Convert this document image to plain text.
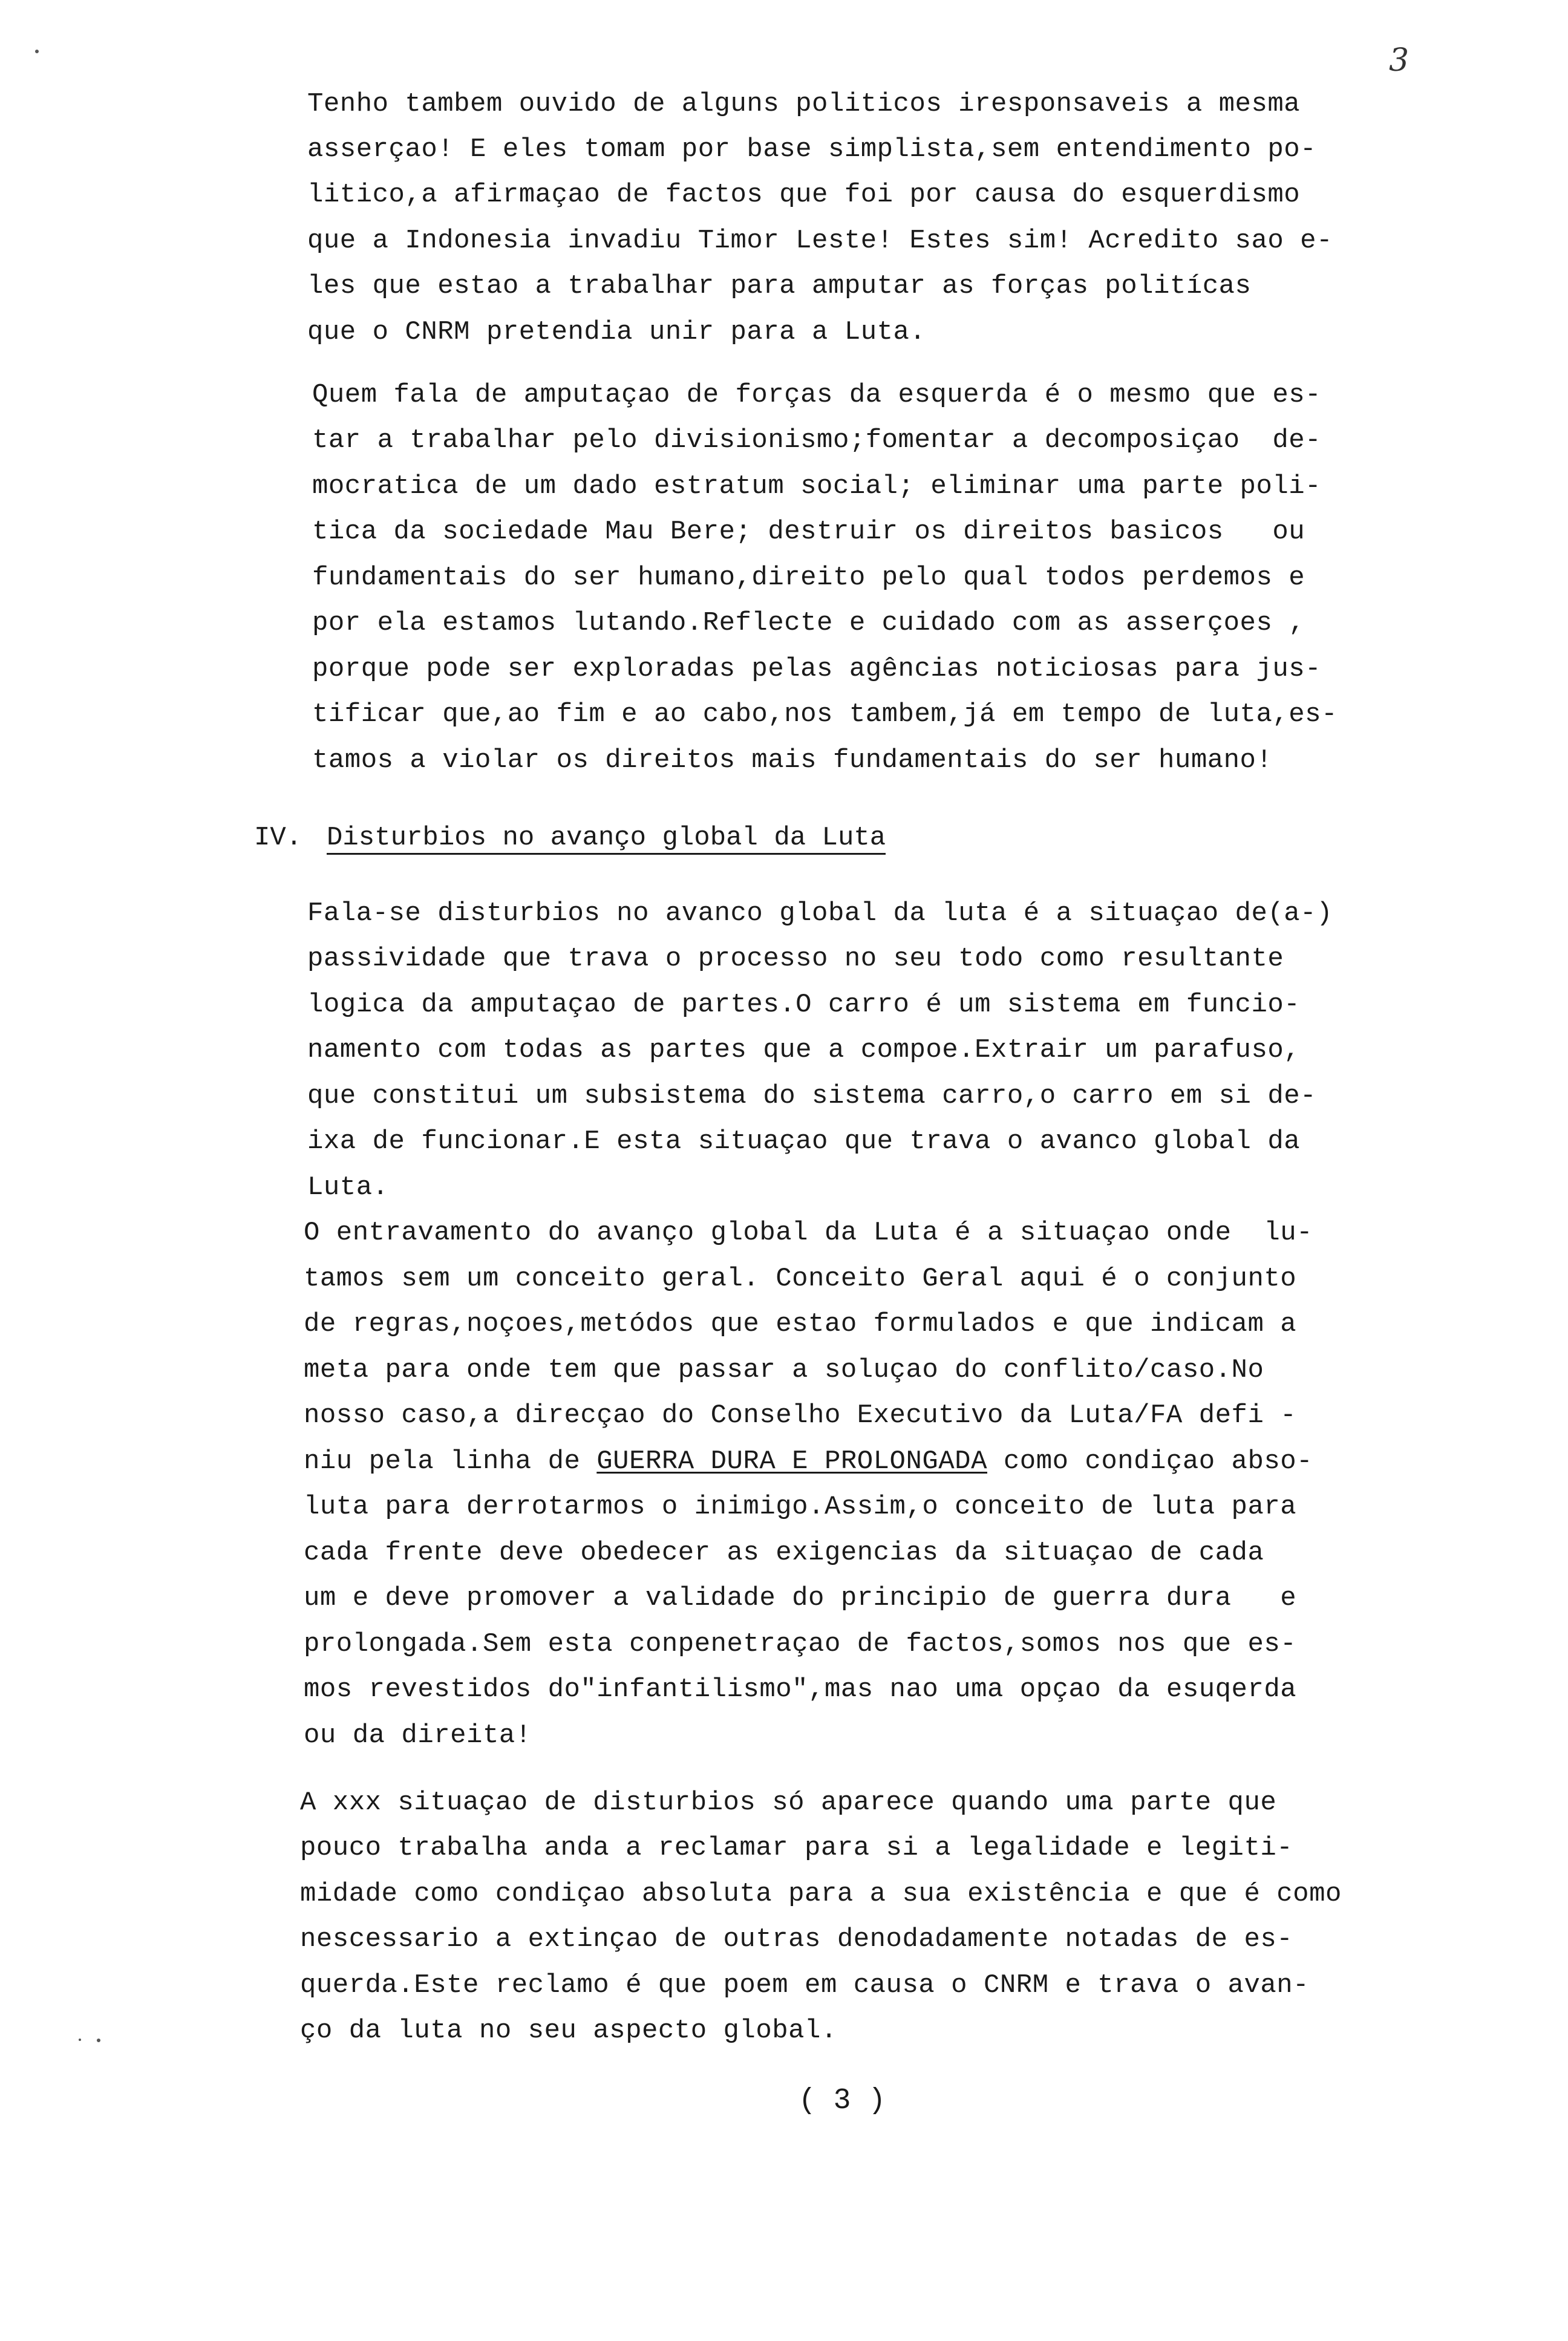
3
Tenho tambem ouvido de alguns politicos iresponsaveis a mesma
asserçao! E eles tomam por base simplista,sem entendimento po-
litico,a afirmaçao de factos que foi por causa do esquerdismo
que a Indonesia invadiu Timor Leste! Estes sim! Acredito sao e-
les que estao a trabalhar para amputar as forças politícas
que o CNRM pretendia unir para a Luta.
Quem fala de amputaçao de forças da esquerda é o mesmo que es-
tar a trabalhar pelo divisionismo;fomentar a decomposiçao  de-
mocratica de um dado estratum social; eliminar uma parte poli-
tica da sociedade Mau Bere; destruir os direitos basicos   ou
fundamentais do ser humano,direito pelo qual todos perdemos e
por ela estamos lutando.Reflecte e cuidado com as asserçoes ,
porque pode ser exploradas pelas agências noticiosas para jus-
tificar que,ao fim e ao cabo,nos tambem,já em tempo de luta,es-
tamos a violar os direitos mais fundamentais do ser humano!
IV. Disturbios no avanço global da Luta
Fala-se disturbios no avanco global da luta é a situaçao de(a-)
passividade que trava o processo no seu todo como resultante
logica da amputaçao de partes.O carro é um sistema em funcio-
namento com todas as partes que a compoe.Extrair um parafuso,
que constitui um subsistema do sistema carro,o carro em si de-
ixa de funcionar.E esta situaçao que trava o avanco global da
Luta.
O entravamento do avanço global da Luta é a situaçao onde  lu-
tamos sem um conceito geral. Conceito Geral aqui é o conjunto
de regras,noçoes,metódos que estao formulados e que indicam a
meta para onde tem que passar a soluçao do conflito/caso.No
nosso caso,a direcçao do Conselho Executivo da Luta/FA defi -
niu pela linha de GUERRA DURA E PROLONGADA como condiçao abso-
luta para derrotarmos o inimigo.Assim,o conceito de luta para
cada frente deve obedecer as exigencias da situaçao de cada
um e deve promover a validade do principio de guerra dura   e
prolongada.Sem esta conpenetraçao de factos,somos nos que es-
mos revestidos do"infantilismo",mas nao uma opçao da esuqerda
ou da direita!
A xxx situaçao de disturbios só aparece quando uma parte que
pouco trabalha anda a reclamar para si a legalidade e legiti-
midade como condiçao absoluta para a sua existência e que é como
nescessario a extinçao de outras denodadamente notadas de es-
querda.Este reclamo é que poem em causa o CNRM e trava o avan-
ço da luta no seu aspecto global.
( 3 )
